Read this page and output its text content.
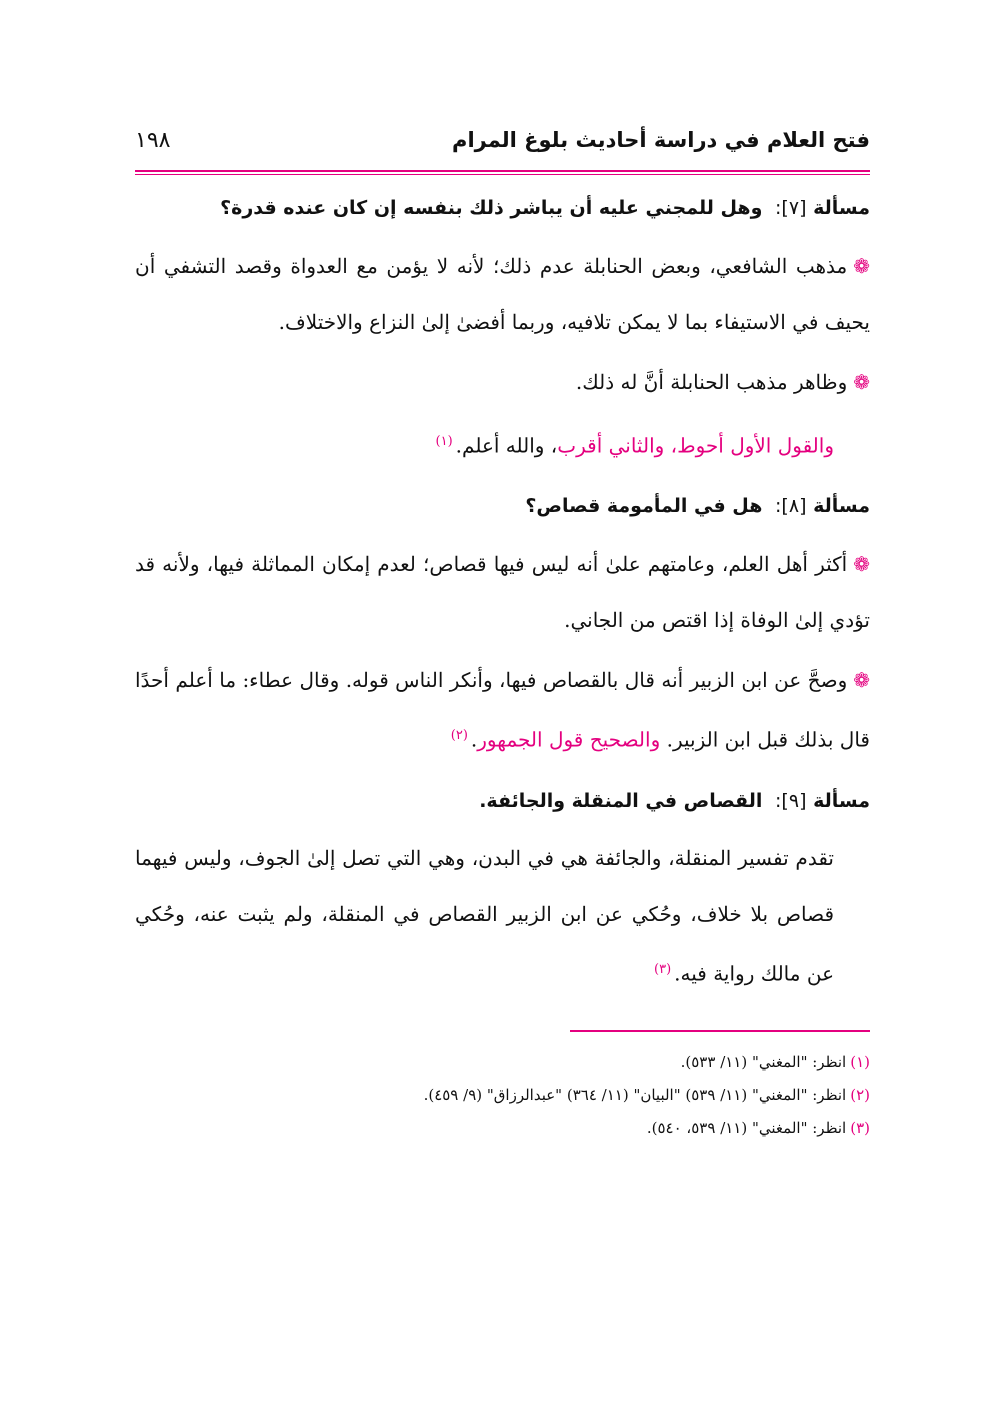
فتح العلام في دراسة أحاديث بلوغ المرام
١٩٨
مسألة [٧]: وهل للمجني عليه أن يباشر ذلك بنفسه إن كان عنده قدرة؟

❁مذهب الشافعي، وبعض الحنابلة عدم ذلك؛ لأنه لا يؤمن مع العدواة وقصد التشفي أن يحيف في الاستيفاء بما لا يمكن تلافيه، وربما أفضىٰ إلىٰ النزاع والاختلاف.

❁وظاهر مذهب الحنابلة أنَّ له ذلك.

والقول الأول أحوط، والثاني أقرب، والله أعلم.$^{(١)}$

مسألة [٨]: هل في المأمومة قصاص؟

❁أكثر أهل العلم، وعامتهم علىٰ أنه ليس فيها قصاص؛ لعدم إمكان المماثلة فيها، ولأنه قد تؤدي إلىٰ الوفاة إذا اقتص من الجاني.

❁وصحَّ عن ابن الزبير أنه قال بالقصاص فيها، وأنكر الناس قوله. وقال عطاء: ما أعلم أحدًا قال بذلك قبل ابن الزبير. والصحيح قول الجمهور.$^{(٢)}$

مسألة [٩]: القصاص في المنقلة والجائفة.

تقدم تفسير المنقلة، والجائفة هي في البدن، وهي التي تصل إلىٰ الجوف، وليس فيهما قصاص بلا خلاف، وحُكي عن ابن الزبير القصاص في المنقلة، ولم يثبت عنه، وحُكي عن مالك رواية فيه.$^{(٣)}$

(١)انظر: "المغني" (١١/ ٥٣٣).
(٢)انظر: "المغني" (١١/ ٥٣٩) "البيان" (١١/ ٣٦٤) "عبدالرزاق" (٩/ ٤٥٩).
(٣)انظر: "المغني" (١١/ ٥٣٩، ٥٤٠).
